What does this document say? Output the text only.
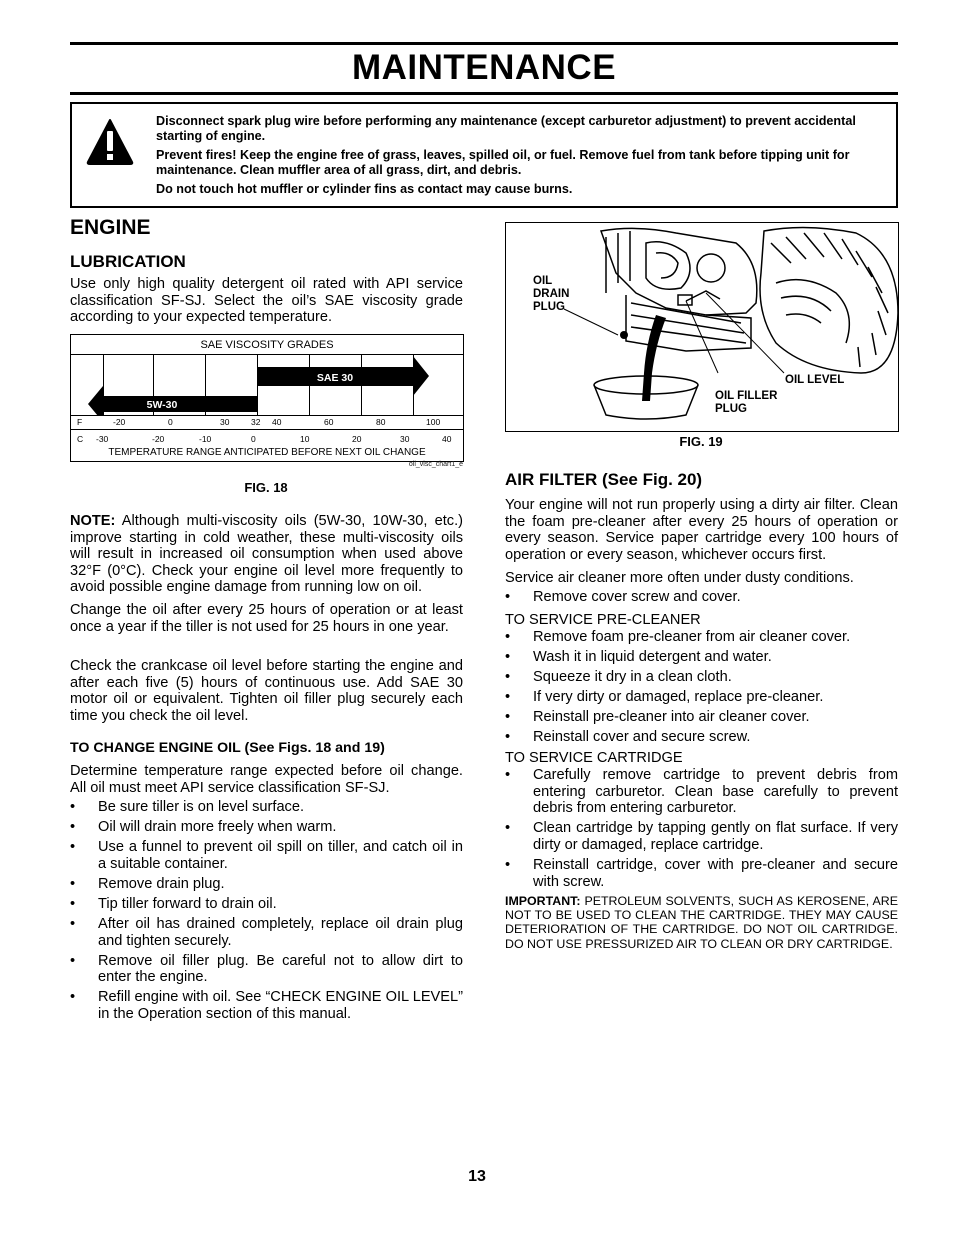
MAINTENANCE

Disconnect spark plug wire before performing any maintenance (except carburetor adjustment) to prevent accidental starting of engine.

Prevent fires! Keep the engine free of grass, leaves, spilled oil, or fuel. Remove fuel from tank before tipping unit for maintenance. Clean muffler area of all grass, dirt, and debris.

Do not touch hot muffler or cylinder fins as contact may cause burns.

ENGINE
LUBRICATION

Use only high quality detergent oil rated with API service classification SF-SJ. Select the oil’s SAE viscosity grade according to your expected temperature.

SAE VISCOSITY GRADES
5W-30
SAE 30
F	-20	0	30	32 40	60	80	100
C -30	-20	-10	0	10	20	30	40
TEMPERATURE RANGE ANTICIPATED BEFORE NEXT OIL CHANGE
oil_visc_chart1_e
FIG. 18

NOTE: Although multi-viscosity oils (5W-30, 10W-30, etc.) improve starting in cold weather, these multi-viscosity oils will result in increased oil consumption when used above 32°F (0°C). Check your engine oil level more frequently to avoid possible engine damage from running low on oil.

Change the oil after every 25 hours of operation or at least once a year if the tiller is not used for 25 hours in one year.

Check the crankcase oil level before starting the engine and after each five (5) hours of continuous use. Add SAE 30 motor oil or equivalent. Tighten oil filler plug securely each time you check the oil level.

TO CHANGE ENGINE OIL (See Figs. 18 and 19)

Determine temperature range expected before oil change. All oil must meet API service classification SF-SJ.

• Be sure tiller is on level surface.
• Oil will drain more freely when warm.
• Use a funnel to prevent oil spill on tiller, and catch oil in a suitable container.
• Remove drain plug.
• Tip tiller forward to drain oil.
• After oil has drained completely, replace oil drain plug and tighten securely.
• Remove oil filler plug. Be careful not to allow dirt to enter the engine.
• Refill engine with oil. See “CHECK ENGINE OIL LEVEL” in the Operation section of this manual.
OIL
DRAIN
PLUG
OIL FILLER
PLUG
OIL LEVEL
FIG. 19
AIR FILTER (See Fig. 20)

Your engine will not run properly using a dirty air filter. Clean the foam pre-cleaner after every 25 hours of operation or every season. Service paper cartridge every 100 hours of operation or every season, whichever occurs first.

Service air cleaner more often under dusty conditions.

• Remove cover screw and cover.
TO SERVICE PRE-CLEANER
• Remove foam pre-cleaner from air cleaner cover.
• Wash it in liquid detergent and water.
• Squeeze it dry in a clean cloth.
• If very dirty or damaged, replace pre-cleaner.
• Reinstall pre-cleaner into air cleaner cover.
• Reinstall cover and secure screw.
TO SERVICE CARTRIDGE
• Carefully remove cartridge to prevent debris from entering carburetor. Clean base carefully to prevent debris from entering carburetor.
• Clean cartridge by tapping gently on flat surface. If very dirty or damaged, replace cartridge.
• Reinstall cartridge, cover with pre-cleaner and secure with screw.

IMPORTANT: PETROLEUM SOLVENTS, SUCH AS KEROSENE, ARE NOT TO BE USED TO CLEAN THE CARTRIDGE. THEY MAY CAUSE DETERIORATION OF THE CARTRIDGE. DO NOT OIL CARTRIDGE. DO NOT USE PRESSURIZED AIR TO CLEAN OR DRY CARTRIDGE.

13
